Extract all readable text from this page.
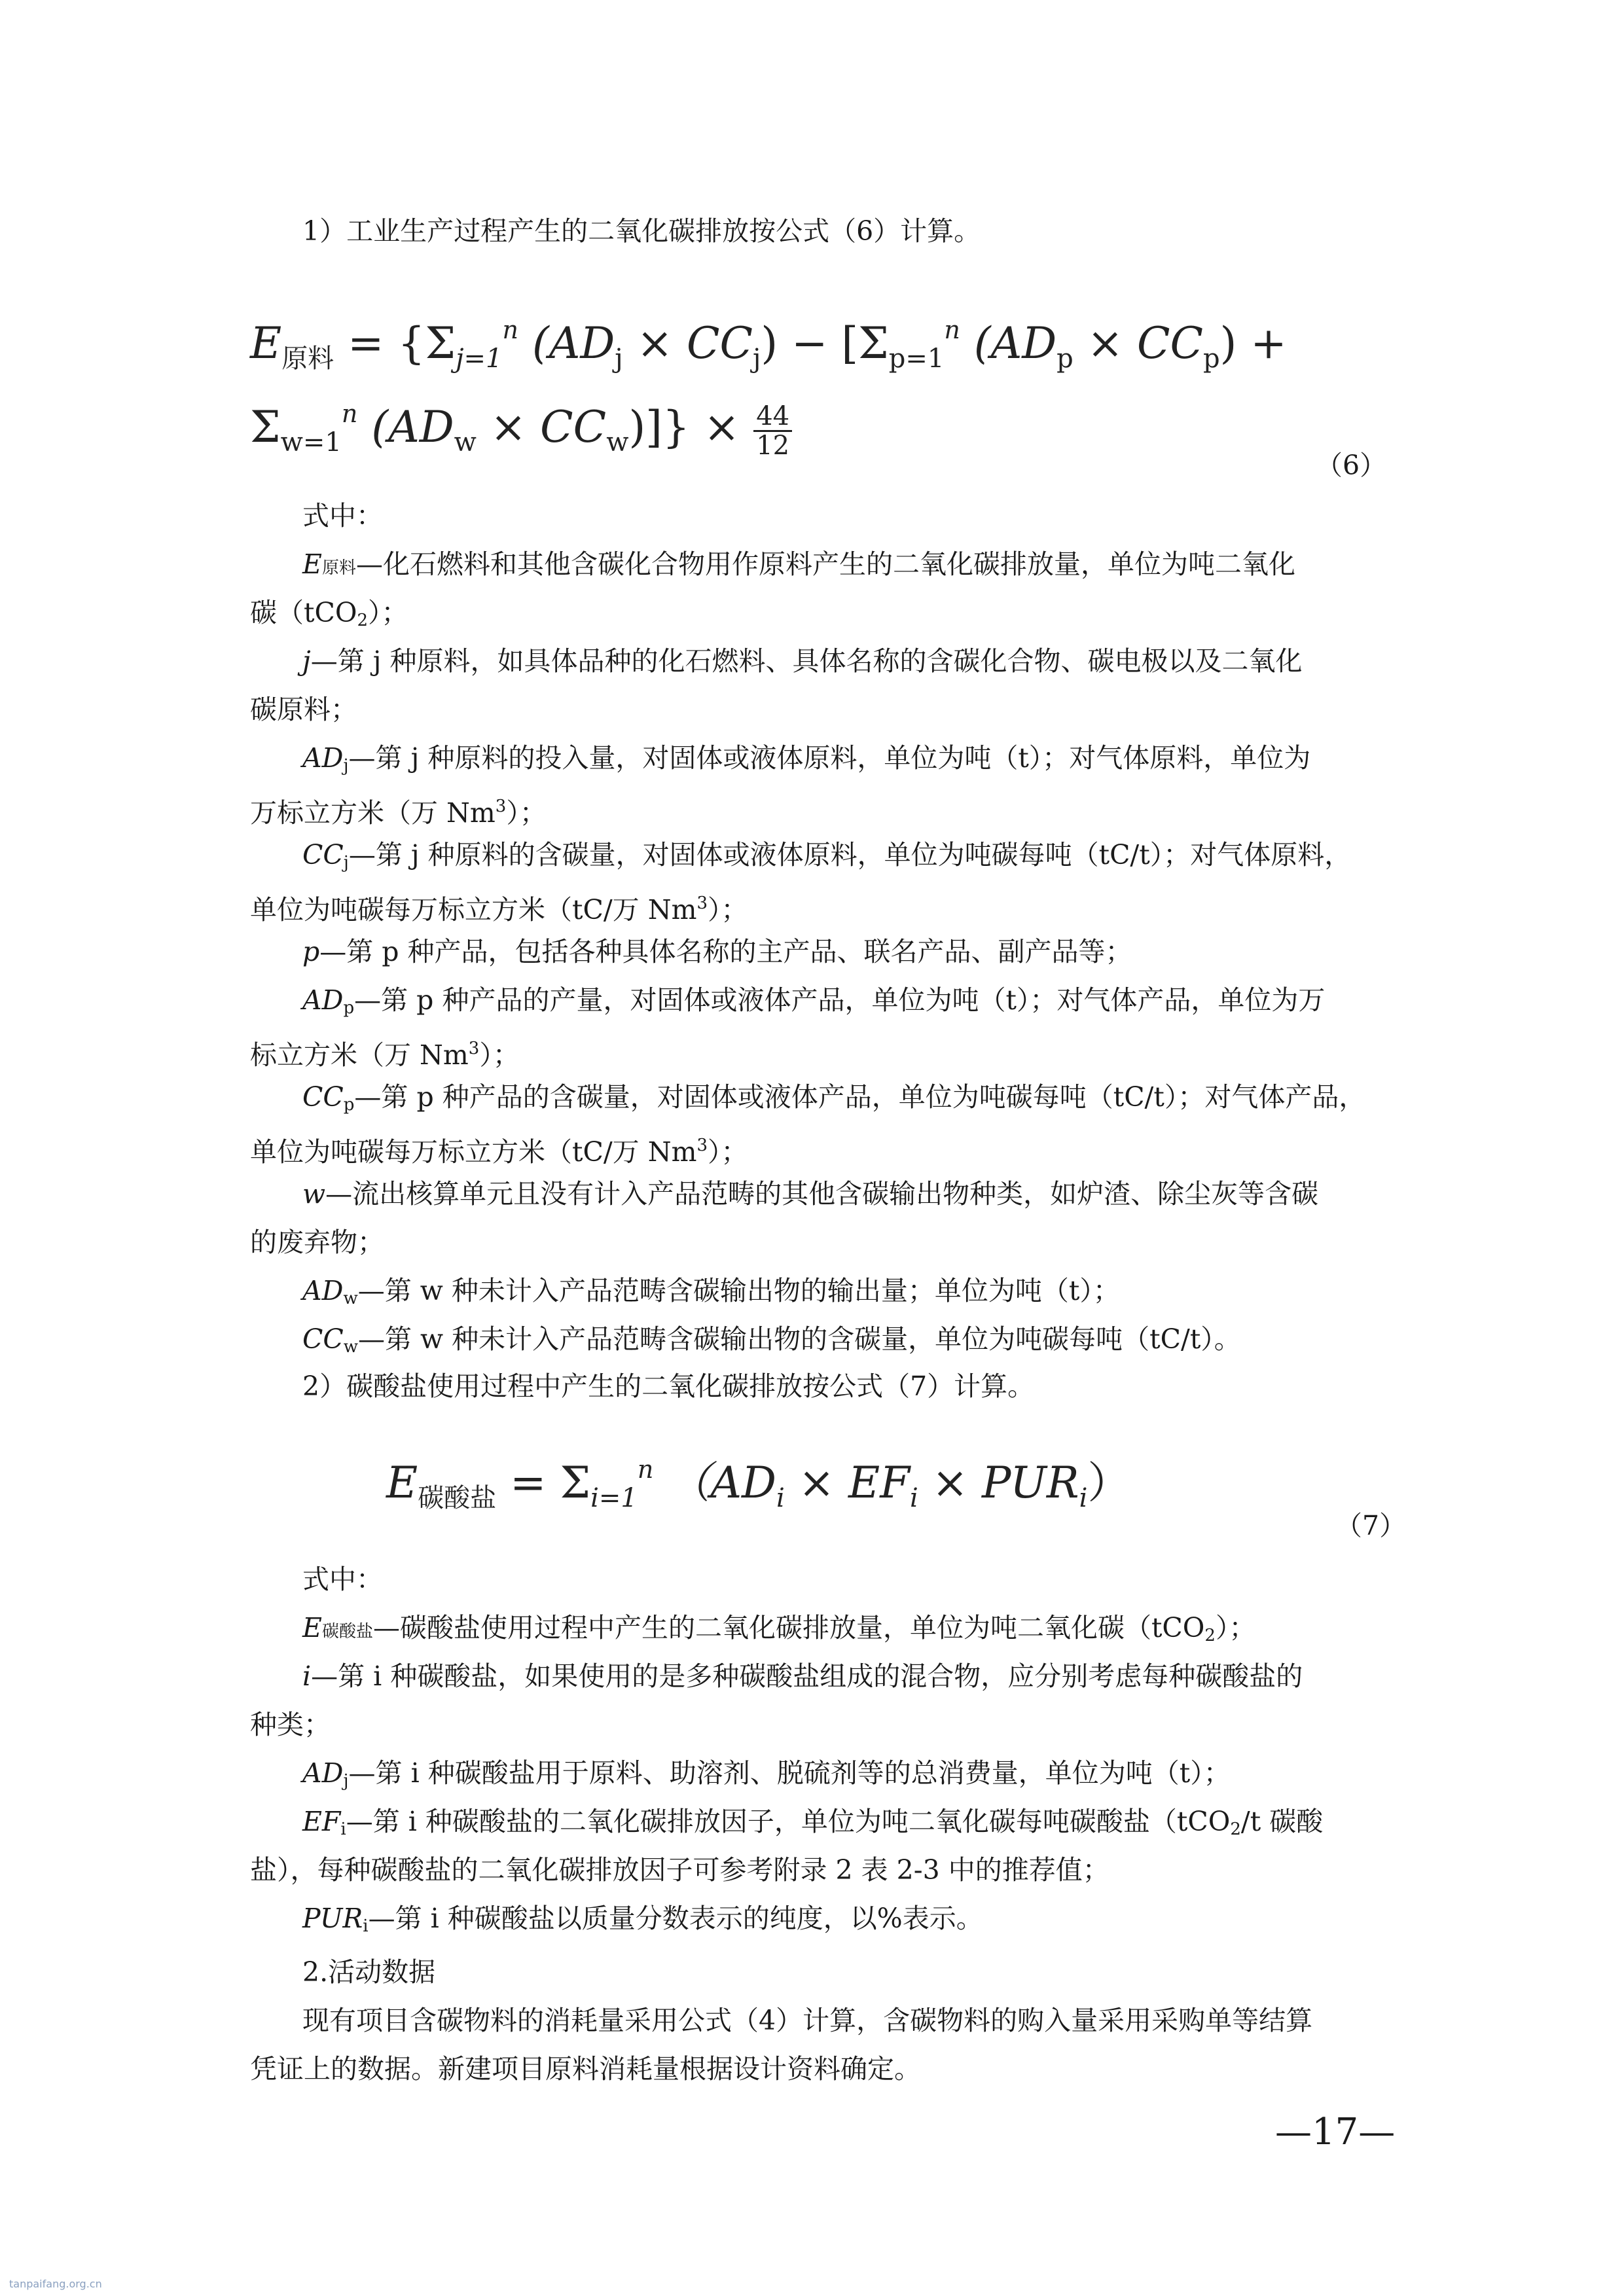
1）工业生产过程产生的二氧化碳排放按公式（6）计算。
$E_{原料} = \{\Sigma_{j=1}^n$ $(AD_j \times CC_j) - [\Sigma_{p=1}^n$ $(AD_p \times CC_p)$ +
$\Sigma_{w=1}^n$ $(AD_w \times CC_w)]\} \times \frac{44}{12}$
（6）
式中：
E原料—化石燃料和其他含碳化合物用作原料产生的二氧化碳排放量，单位为吨二氧化
碳（tCO$_2$）；
j—第 j 种原料，如具体品种的化石燃料、具体名称的含碳化合物、碳电极以及二氧化
碳原料；
$AD_j—$第 j 种原料的投入量，对固体或液体原料，单位为吨（t）；对气体原料，单位为
万标立方米（万 Nm$^3$）；
$CC_j—$第 j 种原料的含碳量，对固体或液体原料，单位为吨碳每吨（tC/t）；对气体原料，
单位为吨碳每万标立方米（tC/万 Nm$^3$）；
p—第 p 种产品，包括各种具体名称的主产品、联名产品、副产品等；
$AD_p—$第 p 种产品的产量，对固体或液体产品，单位为吨（t）；对气体产品，单位为万
标立方米（万 Nm$^3$）；
$CC_p—$第 p 种产品的含碳量，对固体或液体产品，单位为吨碳每吨（tC/t）；对气体产品，
单位为吨碳每万标立方米（tC/万 Nm$^3$）；
w—流出核算单元且没有计入产品范畴的其他含碳输出物种类，如炉渣、除尘灰等含碳
的废弃物；
$AD_w—$第 w 种未计入产品范畴含碳输出物的输出量；单位为吨（t）；
$CC_w—$第 w 种未计入产品范畴含碳输出物的含碳量，单位为吨碳每吨（tC/t）。
2）碳酸盐使用过程中产生的二氧化碳排放按公式（7）计算。
$E_{碳酸盐} = \Sigma_{i=1}^n$ $(AD_i \times EF_i \times PUR_i)$
（7）
式中：
E碳酸盐—碳酸盐使用过程中产生的二氧化碳排放量，单位为吨二氧化碳（tCO$_2$）；
i—第 i 种碳酸盐，如果使用的是多种碳酸盐组成的混合物，应分别考虑每种碳酸盐的
种类；
$AD_j—$第 i 种碳酸盐用于原料、助溶剂、脱硫剂等的总消费量，单位为吨（t）；
$EF_i—$第 i 种碳酸盐的二氧化碳排放因子，单位为吨二氧化碳每吨碳酸盐（tCO$_2$/t 碳酸
盐），每种碳酸盐的二氧化碳排放因子可参考附录 2 表 2-3 中的推荐值；
$PUR_i—$第 i 种碳酸盐以质量分数表示的纯度，以%表示。
2.活动数据
现有项目含碳物料的消耗量采用公式（4）计算，含碳物料的购入量采用采购单等结算
凭证上的数据。新建项目原料消耗量根据设计资料确定。
—17—
tanpaifang.org.cn
